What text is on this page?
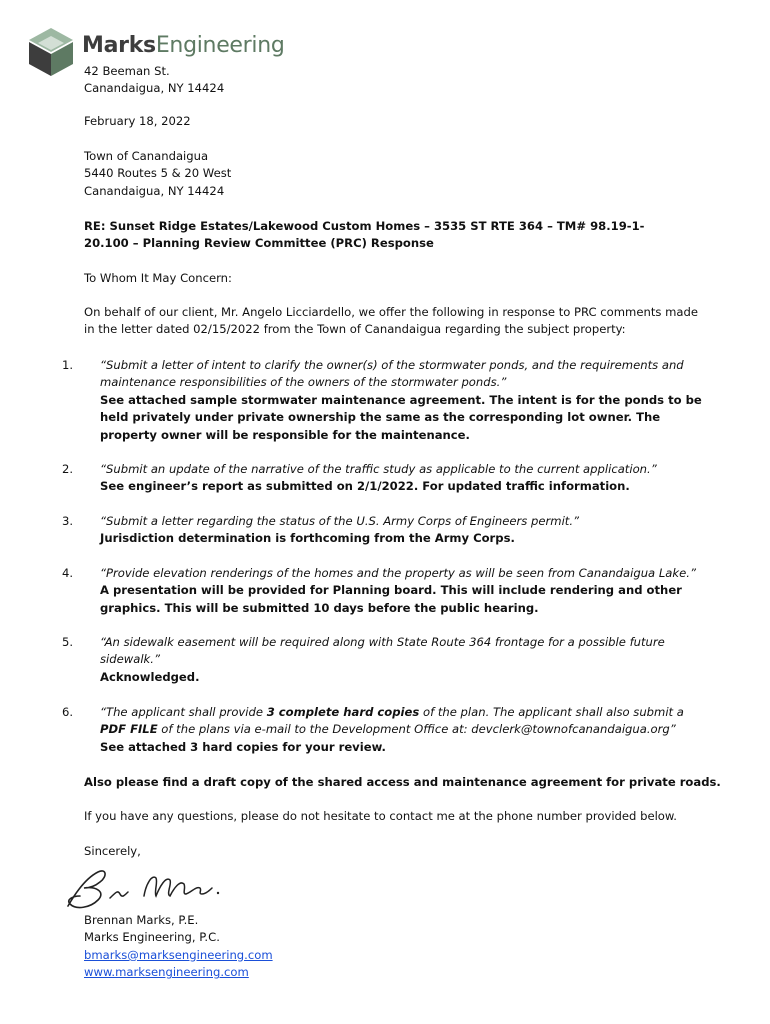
MarksEngineering
42 Beeman St.
Canandaigua, NY 14424
February 18, 2022
Town of Canandaigua
5440 Routes 5 & 20 West
Canandaigua, NY 14424
RE: Sunset Ridge Estates/Lakewood Custom Homes – 3535 ST RTE 364 – TM# 98.19-1-20.100 – Planning Review Committee (PRC) Response
To Whom It May Concern:
On behalf of our client, Mr. Angelo Licciardello, we offer the following in response to PRC comments made in the letter dated 02/15/2022 from the Town of Canandaigua regarding the subject property:
1.	“Submit a letter of intent to clarify the owner(s) of the stormwater ponds, and the requirements and maintenance responsibilities of the owners of the stormwater ponds.”
See attached sample stormwater maintenance agreement. The intent is for the ponds to be held privately under private ownership the same as the corresponding lot owner. The property owner will be responsible for the maintenance.
2.	“Submit an update of the narrative of the traffic study as applicable to the current application.”
See engineer’s report as submitted on 2/1/2022. For updated traffic information.
3.	“Submit a letter regarding the status of the U.S. Army Corps of Engineers permit.”
Jurisdiction determination is forthcoming from the Army Corps.
4.	“Provide elevation renderings of the homes and the property as will be seen from Canandaigua Lake.”
A presentation will be provided for Planning board. This will include rendering and other graphics. This will be submitted 10 days before the public hearing.
5.	“An sidewalk easement will be required along with State Route 364 frontage for a possible future sidewalk.”
Acknowledged.
6.	“The applicant shall provide 3 complete hard copies of the plan. The applicant shall also submit a PDF FILE of the plans via e-mail to the Development Office at: devclerk@townofcanandaigua.org”
See attached 3 hard copies for your review.
Also please find a draft copy of the shared access and maintenance agreement for private roads.
If you have any questions, please do not hesitate to contact me at the phone number provided below.
Sincerely,
Brennan Marks, P.E.
Marks Engineering, P.C.
bmarks@marksengineering.com
www.marksengineering.com
